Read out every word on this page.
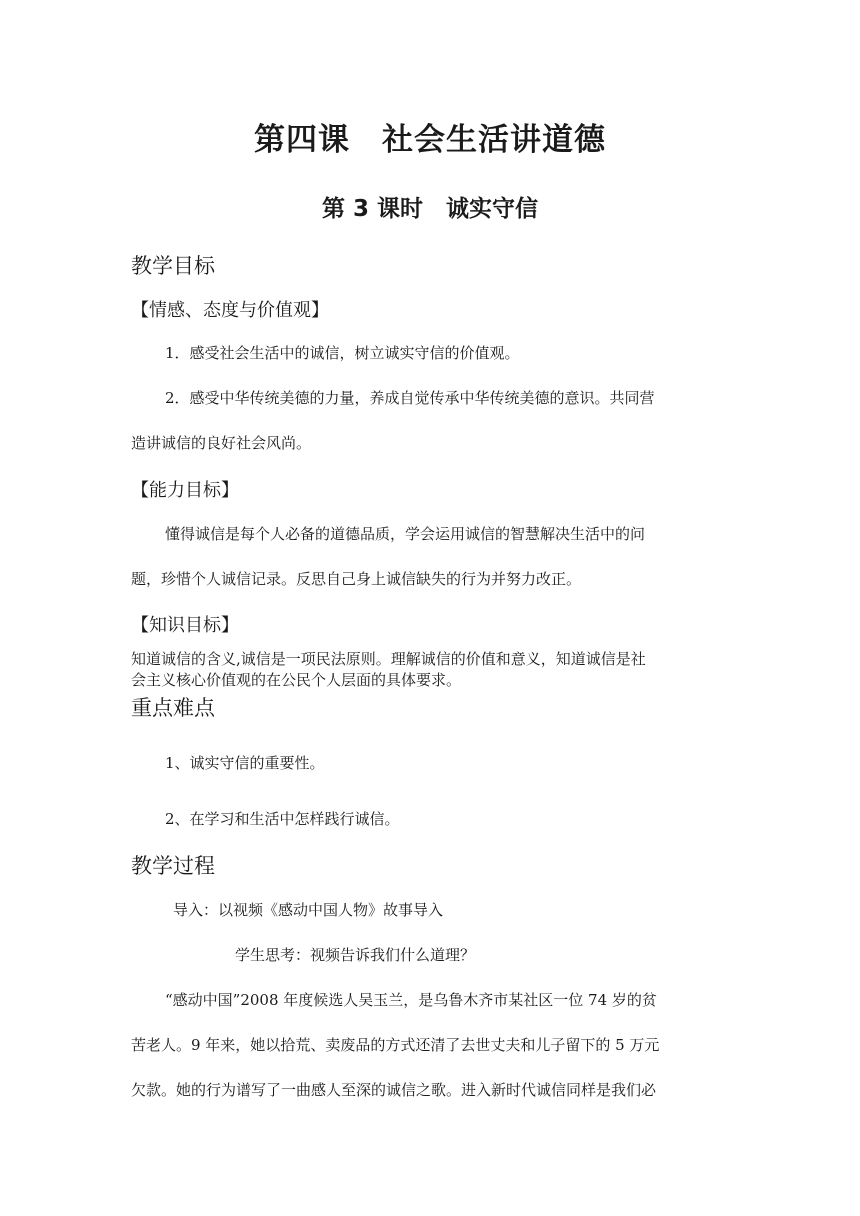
第四课　社会生活讲道德
第 3 课时　诚实守信
教学目标
【情感、态度与价值观】
1．感受社会生活中的诚信，树立诚实守信的价值观。
2．感受中华传统美德的力量，养成自觉传承中华传统美德的意识。共同营
造讲诚信的良好社会风尚。
【能力目标】
懂得诚信是每个人必备的道德品质，学会运用诚信的智慧解决生活中的问
题，珍惜个人诚信记录。反思自己身上诚信缺失的行为并努力改正。
【知识目标】
知道诚信的含义,诚信是一项民法原则。理解诚信的价值和意义，知道诚信是社
会主义核心价值观的在公民个人层面的具体要求。
重点难点
1、诚实守信的重要性。
2、在学习和生活中怎样践行诚信。
教学过程
导入：以视频《感动中国人物》故事导入
学生思考：视频告诉我们什么道理？
“感动中国”2008 年度候选人吴玉兰，是乌鲁木齐市某社区一位 74 岁的贫
苦老人。9 年来，她以拾荒、卖废品的方式还清了去世丈夫和儿子留下的 5 万元
欠款。她的行为谱写了一曲感人至深的诚信之歌。进入新时代诚信同样是我们必
